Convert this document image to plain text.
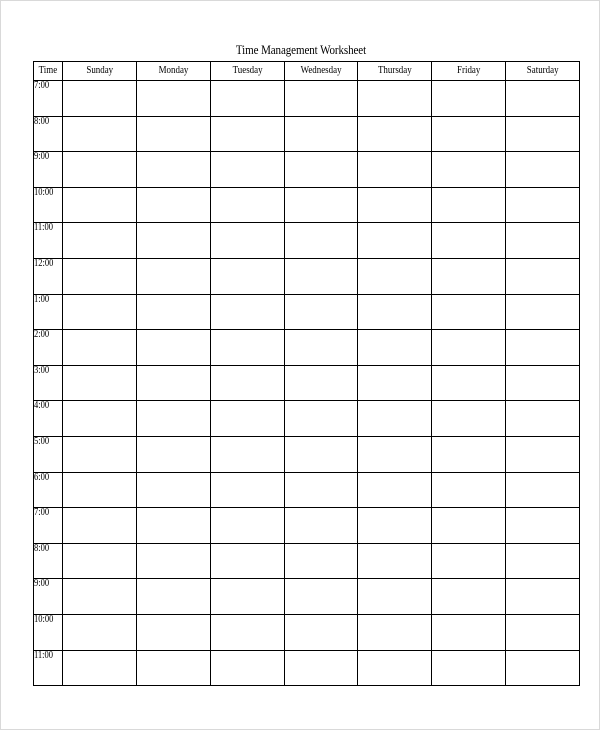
Time Management Worksheet
Time	Sunday	Monday	Tuesday	Wednesday	Thursday	Friday	Saturday
7:00							
8:00							
9:00							
10:00							
11:00							
12:00							
1:00							
2:00							
3:00							
4:00							
5:00							
6:00							
7:00							
8:00							
9:00							
10:00							
11:00							
